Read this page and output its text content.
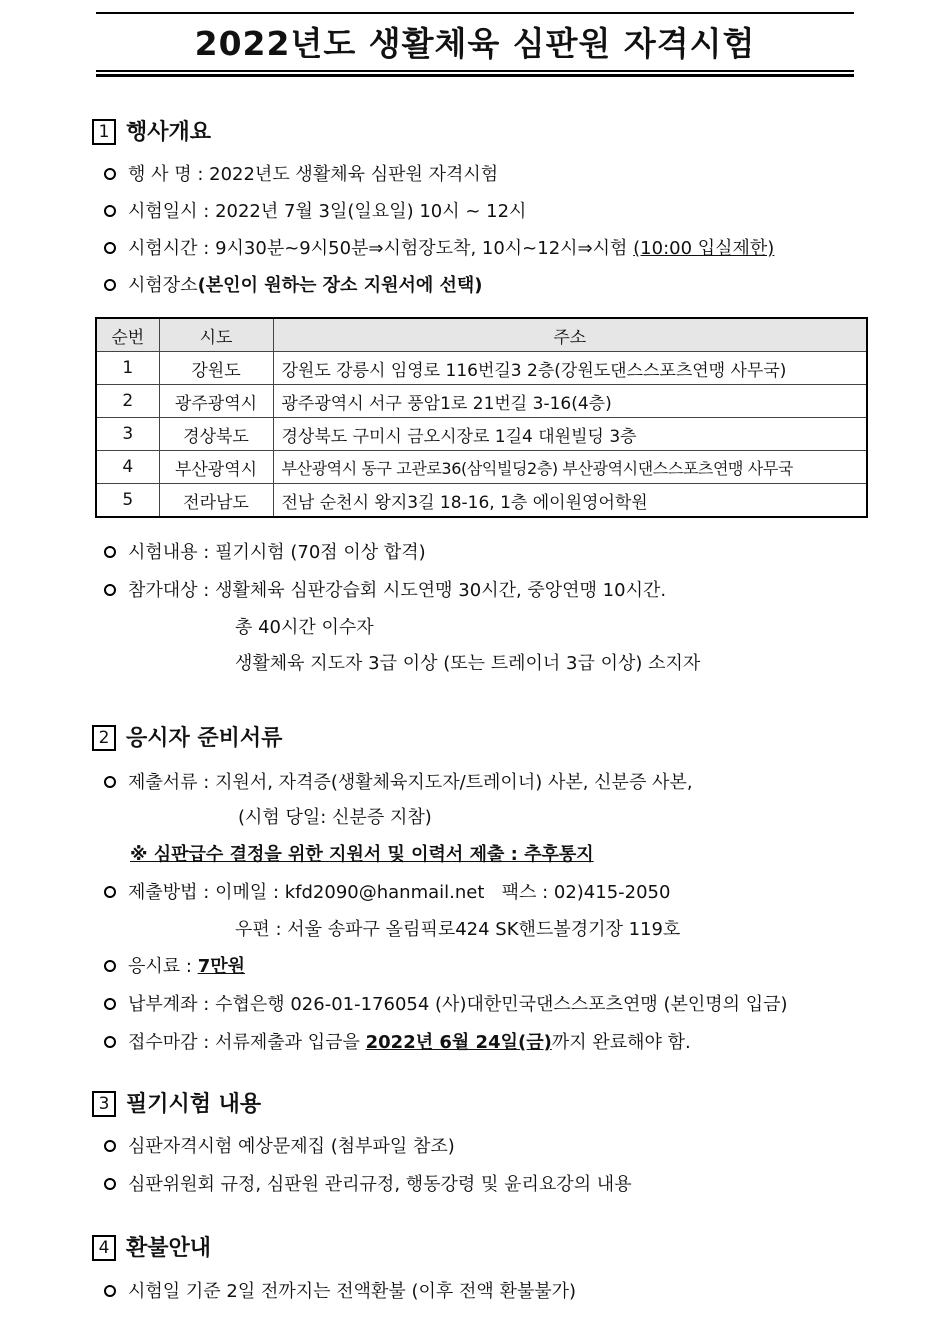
2022년도 생활체육 심판원 자격시험
1 행사개요
행 사 명 : 2022년도 생활체육 심판원 자격시험
시험일시 : 2022년 7월 3일(일요일) 10시 ~ 12시
시험시간 : 9시30분~9시50분⇒시험장도착, 10시~12시⇒시험 (10:00 입실제한)
시험장소(본인이 원하는 장소 지원서에 선택)
순번	시도	주소
1	강원도	강원도 강릉시 임영로 116번길3 2층(강원도댄스스포츠연맹 사무국)
2	광주광역시	광주광역시 서구 풍암1로 21번길 3-16(4층)
3	경상북도	경상북도 구미시 금오시장로 1길4 대원빌딩 3층
4	부산광역시	부산광역시 동구 고관로36(삼익빌딩2층) 부산광역시댄스스포츠연맹 사무국
5	전라남도	전남 순천시 왕지3길 18-16, 1층 에이원영어학원
시험내용 : 필기시험 (70점 이상 합격)
참가대상 : 생활체육 심판강습회 시도연맹 30시간, 중앙연맹 10시간.
총 40시간 이수자
생활체육 지도자 3급 이상 (또는 트레이너 3급 이상) 소지자
2 응시자 준비서류
제출서류 : 지원서, 자격증(생활체육지도자/트레이너) 사본, 신분증 사본,
(시험 당일: 신분증 지참)
※ 심판급수 결정을 위한 지원서 및 이력서 제출 : 추후통지
제출방법 : 이메일 : kfd2090@hanmail.net   팩스 : 02)415-2050
우편 : 서울 송파구 올림픽로424 SK핸드볼경기장 119호
응시료 : 7만원
납부계좌 : 수협은행 026-01-176054 (사)대한민국댄스스포츠연맹 (본인명의 입금)
접수마감 : 서류제출과 입금을 2022년 6월 24일(금)까지 완료해야 함.
3 필기시험 내용
심판자격시험 예상문제집 (첨부파일 참조)
심판위원회 규정, 심판원 관리규정, 행동강령 및 윤리요강의 내용
4 환불안내
시험일 기준 2일 전까지는 전액환불 (이후 전액 환불불가)
